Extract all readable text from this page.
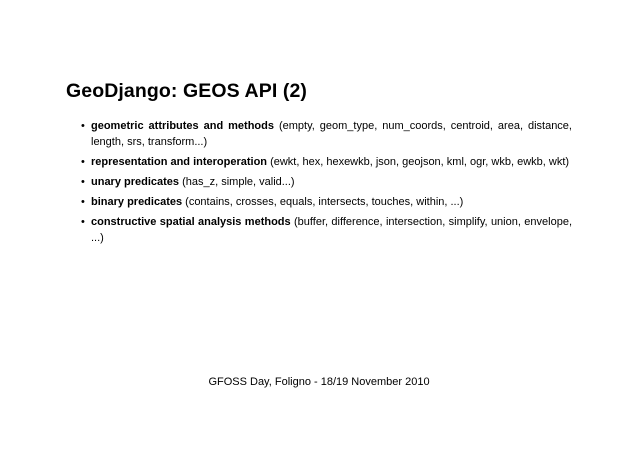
GeoDjango: GEOS API (2)
• geometric attributes and methods (empty, geom_type, num_coords, centroid, area, distance, length, srs, transform...)
• representation and interoperation (ewkt, hex, hexewkb, json, geojson, kml, ogr, wkb, ewkb, wkt)
• unary predicates (has_z, simple, valid...)
• binary predicates (contains, crosses, equals, intersects, touches, within, ...)
• constructive spatial analysis methods (buffer, difference, intersection, simplify, union, envelope, ...)
GFOSS Day, Foligno - 18/19 November 2010
